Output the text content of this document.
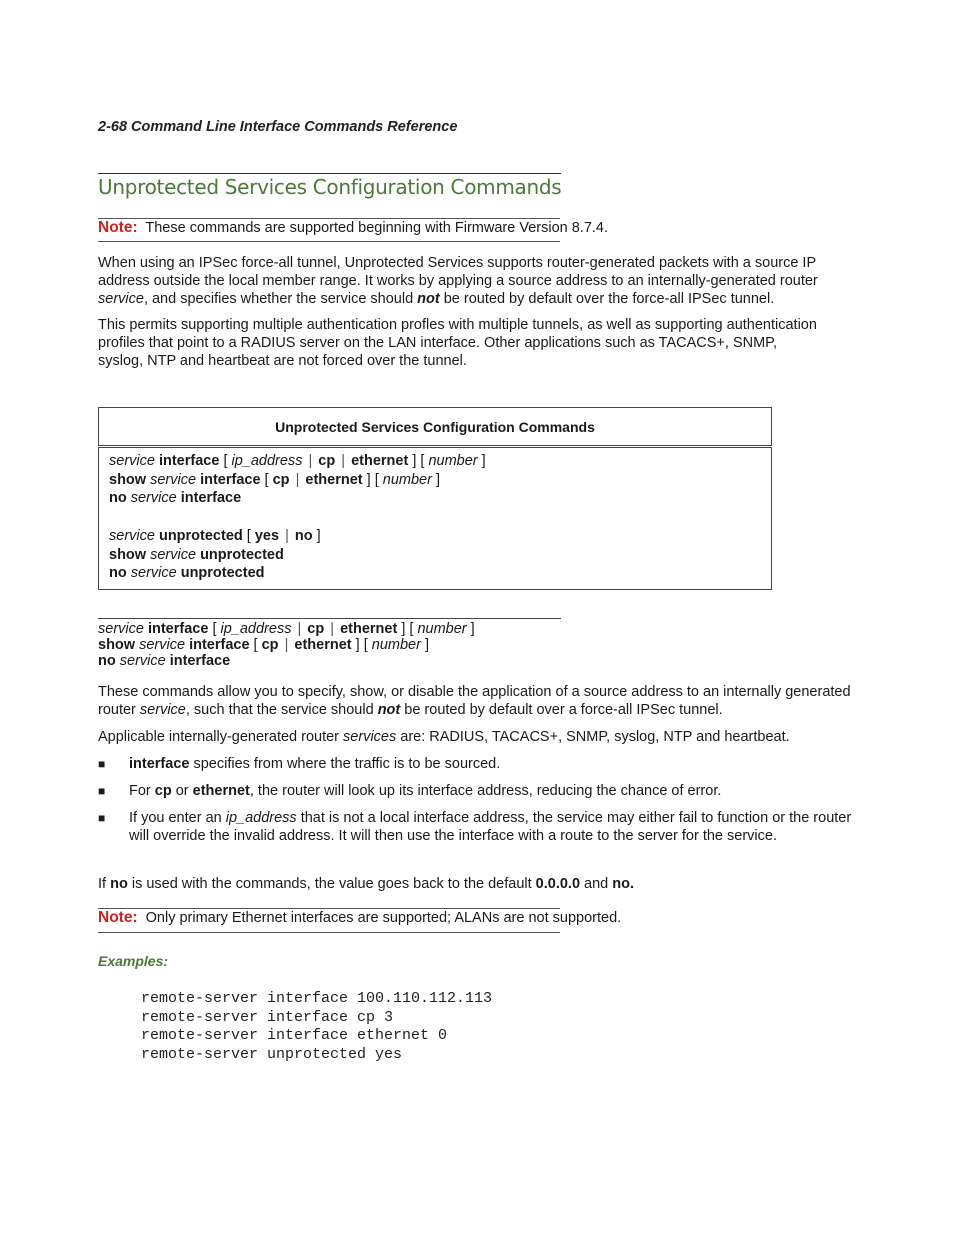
2-68 Command Line Interface Commands Reference
Unprotected Services Configuration Commands
Note: These commands are supported beginning with Firmware Version 8.7.4.
When using an IPSec force-all tunnel, Unprotected Services supports router-generated packets with a source IP address outside the local member range. It works by applying a source address to an internally-generated router service, and specifies whether the service should not be routed by default over the force-all IPSec tunnel.
This permits supporting multiple authentication profles with multiple tunnels, as well as supporting authentication profiles that point to a RADIUS server on the LAN interface. Other applications such as TACACS+, SNMP, syslog, NTP and heartbeat are not forced over the tunnel.
Unprotected Services Configuration Commands

service interface [ ip_address | cp | ethernet ] [ number ]
show service interface [ cp | ethernet ] [ number ]
no service interface
service unprotected [ yes | no ]
show service unprotected
no service unprotected
service interface [ ip_address | cp | ethernet ] [ number ]
show service interface [ cp | ethernet ] [ number ]
no service interface
These commands allow you to specify, show, or disable the application of a source address to an internally generated router service, such that the service should not be routed by default over a force-all IPSec tunnel.
Applicable internally-generated router services are: RADIUS, TACACS+, SNMP, syslog, NTP and heartbeat.
■ interface specifies from where the traffic is to be sourced.
■ For cp or ethernet, the router will look up its interface address, reducing the chance of error.
■ If you enter an ip_address that is not a local interface address, the service may either fail to function or the router will override the invalid address. It will then use the interface with a route to the server for the service.
If no is used with the commands, the value goes back to the default 0.0.0.0 and no.
Note: Only primary Ethernet interfaces are supported; ALANs are not supported.
Examples:
remote-server interface 100.110.112.113
remote-server interface cp 3
remote-server interface ethernet 0
remote-server unprotected yes
